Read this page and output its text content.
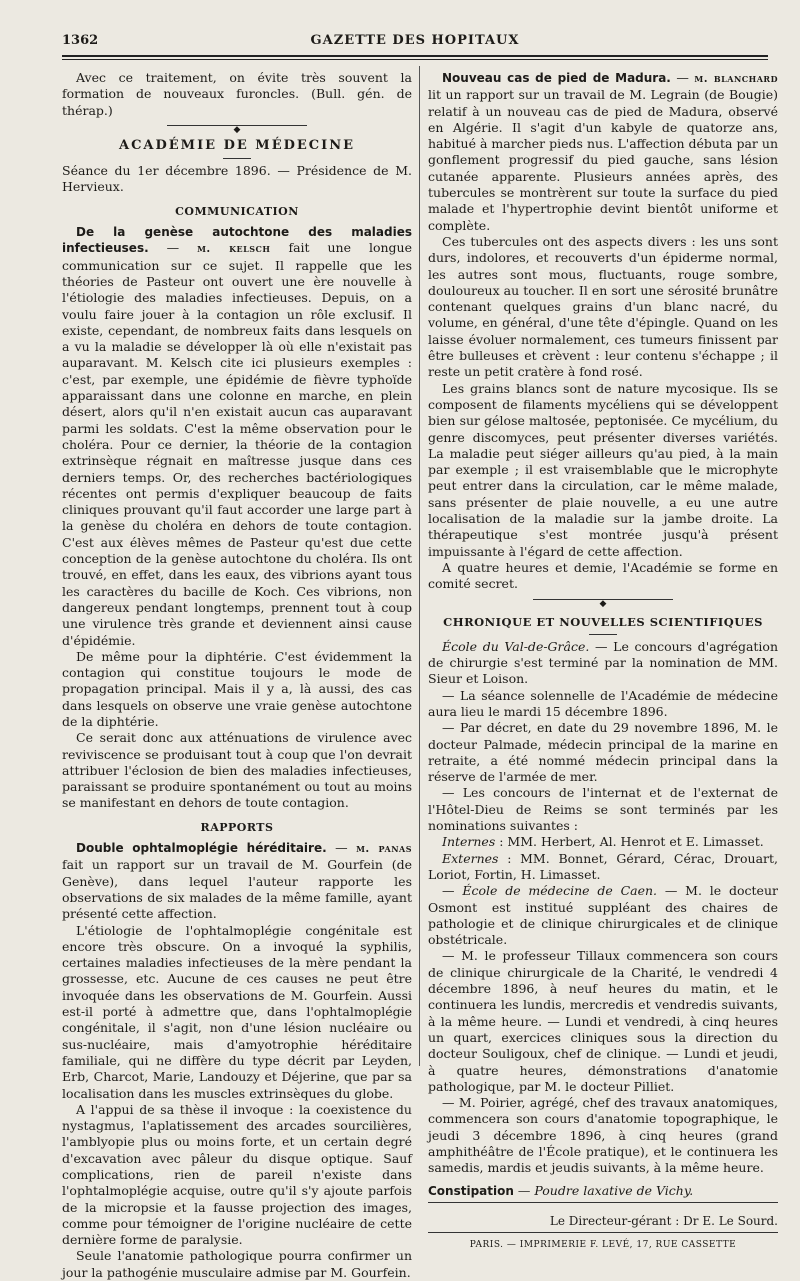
1362	GAZETTE DES HOPITAUX

Avec ce traitement, on évite très souvent la formation de nouveaux furoncles. (Bull. gén. de thérap.)

◆
ACADÉMIE DE MÉDECINE

Séance du 1er décembre 1896. — Présidence de M. Hervieux.

COMMUNICATION

De la genèse autochtone des maladies infectieuses. — m. kelsch fait une longue communication sur ce sujet. Il rappelle que les théories de Pasteur ont ouvert une ère nouvelle à l'étiologie des maladies infectieuses. Depuis, on a voulu faire jouer à la contagion un rôle exclusif. Il existe, cependant, de nombreux faits dans lesquels on a vu la maladie se développer là où elle n'existait pas auparavant. M. Kelsch cite ici plusieurs exemples : c'est, par exemple, une épidémie de fièvre typhoïde apparaissant dans une colonne en marche, en plein désert, alors qu'il n'en existait aucun cas auparavant parmi les soldats. C'est la même observation pour le choléra. Pour ce dernier, la théorie de la contagion extrinsèque régnait en maîtresse jusque dans ces derniers temps. Or, des recherches bactériologiques récentes ont permis d'expliquer beaucoup de faits cliniques prouvant qu'il faut accorder une large part à la genèse du choléra en dehors de toute contagion. C'est aux élèves mêmes de Pasteur qu'est due cette conception de la genèse autochtone du choléra. Ils ont trouvé, en effet, dans les eaux, des vibrions ayant tous les caractères du bacille de Koch. Ces vibrions, non dangereux pendant longtemps, prennent tout à coup une virulence très grande et deviennent ainsi cause d'épidémie.

De même pour la diphtérie. C'est évidemment la contagion qui constitue toujours le mode de propagation principal. Mais il y a, là aussi, des cas dans lesquels on observe une vraie genèse autochtone de la diphtérie.

Ce serait donc aux atténuations de virulence avec reviviscence se produisant tout à coup que l'on devrait attribuer l'éclosion de bien des maladies infectieuses, paraissant se produire spontanément ou tout au moins se manifestant en dehors de toute contagion.

RAPPORTS

Double ophtalmoplégie héréditaire. — m. panas fait un rapport sur un travail de M. Gourfein (de Genève), dans lequel l'auteur rapporte les observations de six malades de la même famille, ayant présenté cette affection.

L'étiologie de l'ophtalmoplégie congénitale est encore très obscure. On a invoqué la syphilis, certaines maladies infectieuses de la mère pendant la grossesse, etc. Aucune de ces causes ne peut être invoquée dans les observations de M. Gourfein. Aussi est-il porté à admettre que, dans l'ophtalmoplégie congénitale, il s'agit, non d'une lésion nucléaire ou sus-nucléaire, mais d'amyotrophie héréditaire familiale, qui ne diffère du type décrit par Leyden, Erb, Charcot, Marie, Landouzy et Déjerine, que par sa localisation dans les muscles extrinsèques du globe.

A l'appui de sa thèse il invoque : la coexistence du nystagmus, l'aplatissement des arcades sourcilières, l'amblyopie plus ou moins forte, et un certain degré d'excavation avec pâleur du disque optique. Sauf complications, rien de pareil n'existe dans l'ophtalmoplégie acquise, outre qu'il s'y ajoute parfois de la micropsie et la fausse projection des images, comme pour témoigner de l'origine nucléaire de cette dernière forme de paralysie.

Seule l'anatomie pathologique pourra confirmer un jour la pathogénie musculaire admise par M. Gourfein.

Nouveau cas de pied de Madura. — m. blanchard lit un rapport sur un travail de M. Legrain (de Bougie) relatif à un nouveau cas de pied de Madura, observé en Algérie. Il s'agit d'un kabyle de quatorze ans, habitué à marcher pieds nus. L'affection débuta par un gonflement progressif du pied gauche, sans lésion cutanée apparente. Plusieurs années après, des tubercules se montrèrent sur toute la surface du pied malade et l'hypertrophie devint bientôt uniforme et complète.

Ces tubercules ont des aspects divers : les uns sont durs, indolores, et recouverts d'un épiderme normal, les autres sont mous, fluctuants, rouge sombre, douloureux au toucher. Il en sort une sérosité brunâtre contenant quelques grains d'un blanc nacré, du volume, en général, d'une tête d'épingle. Quand on les laisse évoluer normalement, ces tumeurs finissent par être bulleuses et crèvent : leur contenu s'échappe ; il reste un petit cratère à fond rosé.

Les grains blancs sont de nature mycosique. Ils se composent de filaments mycéliens qui se développent bien sur gélose maltosée, peptonisée. Ce mycélium, du genre discomyces, peut présenter diverses variétés. La maladie peut siéger ailleurs qu'au pied, à la main par exemple ; il est vraisemblable que le microphyte peut entrer dans la circulation, car le même malade, sans présenter de plaie nouvelle, a eu une autre localisation de la maladie sur la jambe droite. La thérapeutique s'est montrée jusqu'à présent impuissante à l'égard de cette affection.

A quatre heures et demie, l'Académie se forme en comité secret.

◆
CHRONIQUE ET NOUVELLES SCIENTIFIQUES

École du Val-de-Grâce. — Le concours d'agrégation de chirurgie s'est terminé par la nomination de MM. Sieur et Loison.

— La séance solennelle de l'Académie de médecine aura lieu le mardi 15 décembre 1896.

— Par décret, en date du 29 novembre 1896, M. le docteur Palmade, médecin principal de la marine en retraite, a été nommé médecin principal dans la réserve de l'armée de mer.

— Les concours de l'internat et de l'externat de l'Hôtel-Dieu de Reims se sont terminés par les nominations suivantes :

Internes : MM. Herbert, Al. Henrot et E. Limasset.

Externes : MM. Bonnet, Gérard, Cérac, Drouart, Loriot, Fortin, H. Limasset.

— École de médecine de Caen. — M. le docteur Osmont est institué suppléant des chaires de pathologie et de clinique chirurgicales et de clinique obstétricale.

— M. le professeur Tillaux commencera son cours de clinique chirurgicale de la Charité, le vendredi 4 décembre 1896, à neuf heures du matin, et le continuera les lundis, mercredis et vendredis suivants, à la même heure. — Lundi et vendredi, à cinq heures un quart, exercices cliniques sous la direction du docteur Souligoux, chef de clinique. — Lundi et jeudi, à quatre heures, démonstrations d'anatomie pathologique, par M. le docteur Pilliet.

— M. Poirier, agrégé, chef des travaux anatomiques, commencera son cours d'anatomie topographique, le jeudi 3 décembre 1896, à cinq heures (grand amphithéâtre de l'École pratique), et le continuera les samedis, mardis et jeudis suivants, à la même heure.

Constipation — Poudre laxative de Vichy.

Le Directeur-gérant : Dr E. Le Sourd.
PARIS. — IMPRIMERIE F. LEVÉ, 17, RUE CASSETTE
